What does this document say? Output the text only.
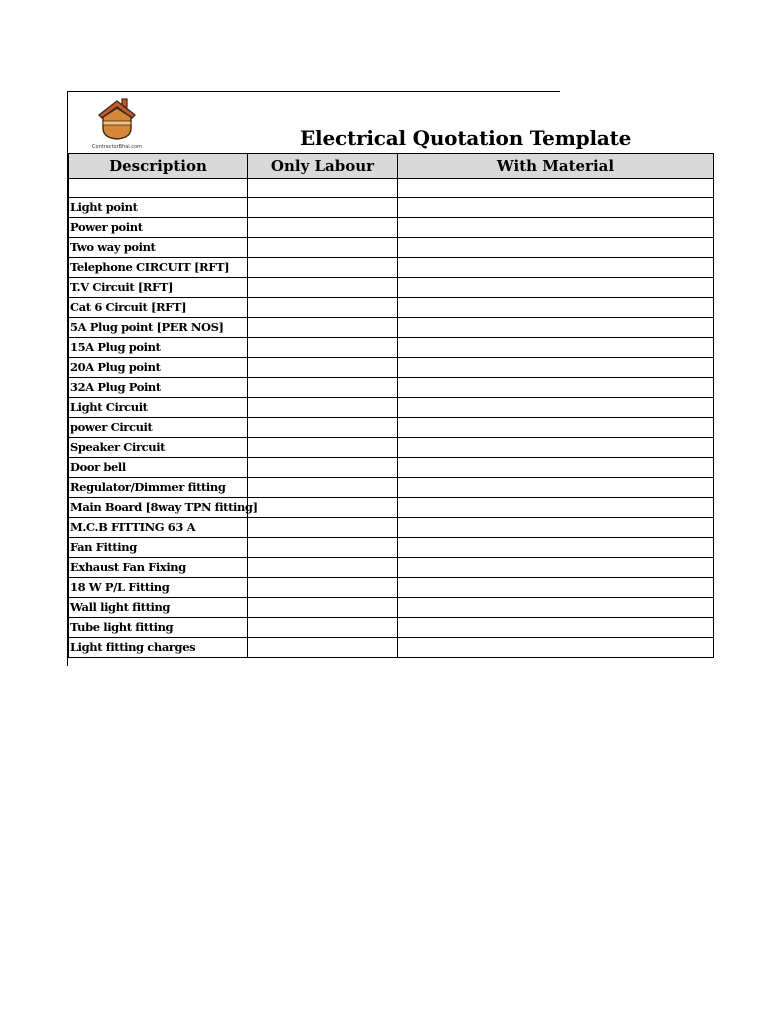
ContractorBhai.com	Electrical Quotation Template
Description	Only Labour	With Material

Light point		
Power point		
Two way point		
Telephone CIRCUIT [RFT]		
T.V Circuit [RFT]		
Cat 6 Circuit [RFT]		
5A Plug point [PER NOS]		
15A Plug point		
20A Plug point		
32A Plug Point		
Light Circuit		
power Circuit		
Speaker Circuit		
Door bell		
Regulator/Dimmer fitting		
Main Board [8way TPN fitting]		
M.C.B FITTING 63 A		
Fan Fitting		
Exhaust Fan Fixing		
18 W P/L Fitting		
Wall light fitting		
Tube light fitting		
Light fitting charges		
